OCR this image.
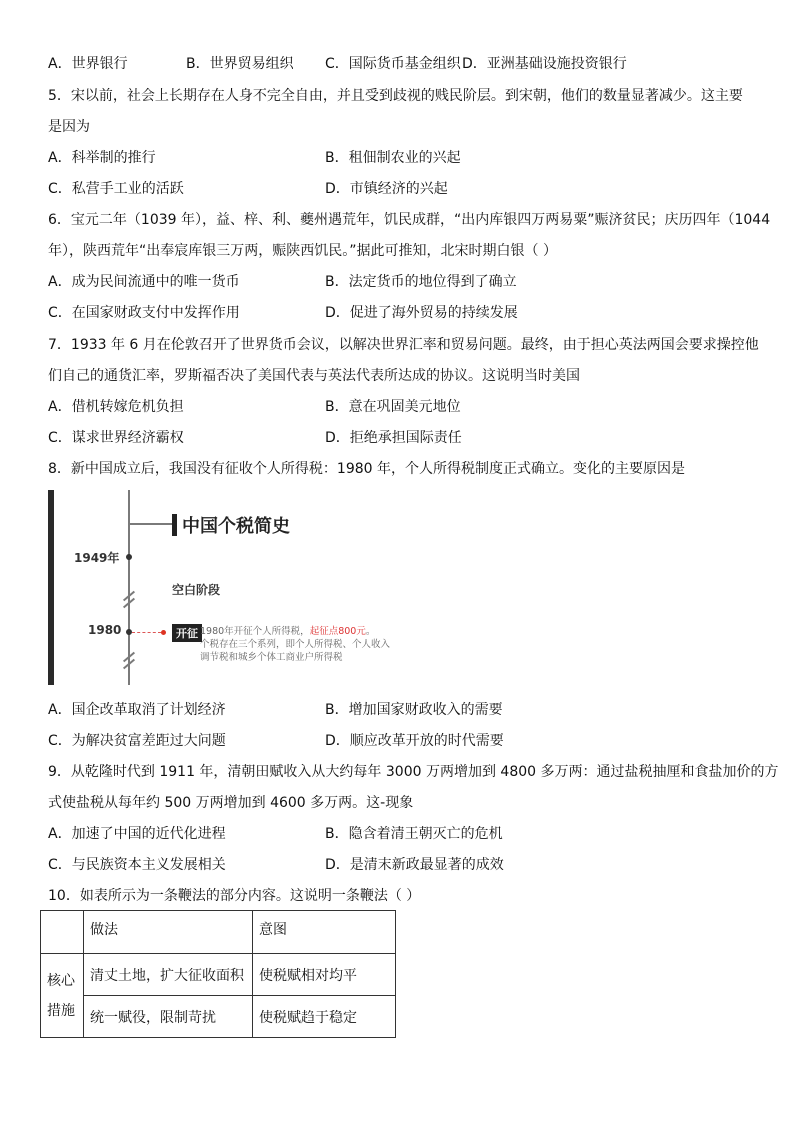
A．世界银行	B．世界贸易组织 C．国际货币基金组织 D．亚洲基础设施投资银行
5．宋以前，社会上长期存在人身不完全自由，并且受到歧视的贱民阶层。到宋朝，他们的数量显著减少。这主要
是因为
A．科举制的推行	B．租佃制农业的兴起
C．私营手工业的活跃	D．市镇经济的兴起
6．宝元二年（1039 年），益、梓、利、夔州遇荒年，饥民成群，“出内库银四万两易粟”赈济贫民；庆历四年（1044
年），陕西荒年“出奉宸库银三万两，赈陕西饥民。”据此可推知，北宋时期白银（ ）
A．成为民间流通中的唯一货币	B．法定货币的地位得到了确立
C．在国家财政支付中发挥作用	D．促进了海外贸易的持续发展
7．1933 年 6 月在伦敦召开了世界货币会议，以解决世界汇率和贸易问题。最终，由于担心英法两国会要求操控他
们自己的通货汇率，罗斯福否决了美国代表与英法代表所达成的协议。这说明当时美国
A．借机转嫁危机负担	B．意在巩固美元地位
C．谋求世界经济霸权	D．拒绝承担国际责任
8．新中国成立后，我国没有征收个人所得税：1980 年，个人所得税制度正式确立。变化的主要原因是
中国个税简史
1949年
空白阶段
1980	开征 1980年开征个人所得税，起征点800元。
个税存在三个系列，即个人所得税、个人收入
调节税和城乡个体工商业户所得税
A．国企改革取消了计划经济	B．增加国家财政收入的需要
C．为解决贫富差距过大问题	D．顺应改革开放的时代需要
9．从乾隆时代到 1911 年，清朝田赋收入从大约每年 3000 万两增加到 4800 多万两：通过盐税抽厘和食盐加价的方
式使盐税从每年约 500 万两增加到 4600 多万两。这-现象
A．加速了中国的近代化进程	B．隐含着清王朝灭亡的危机
C．与民族资本主义发展相关	D．是清末新政最显著的成效
10．如表所示为一条鞭法的部分内容。这说明一条鞭法（ ）
	做法	意图

核心
措施	清丈土地，扩大征收面积	使税赋相对均平
	统一赋役，限制苛扰	使税赋趋于稳定
